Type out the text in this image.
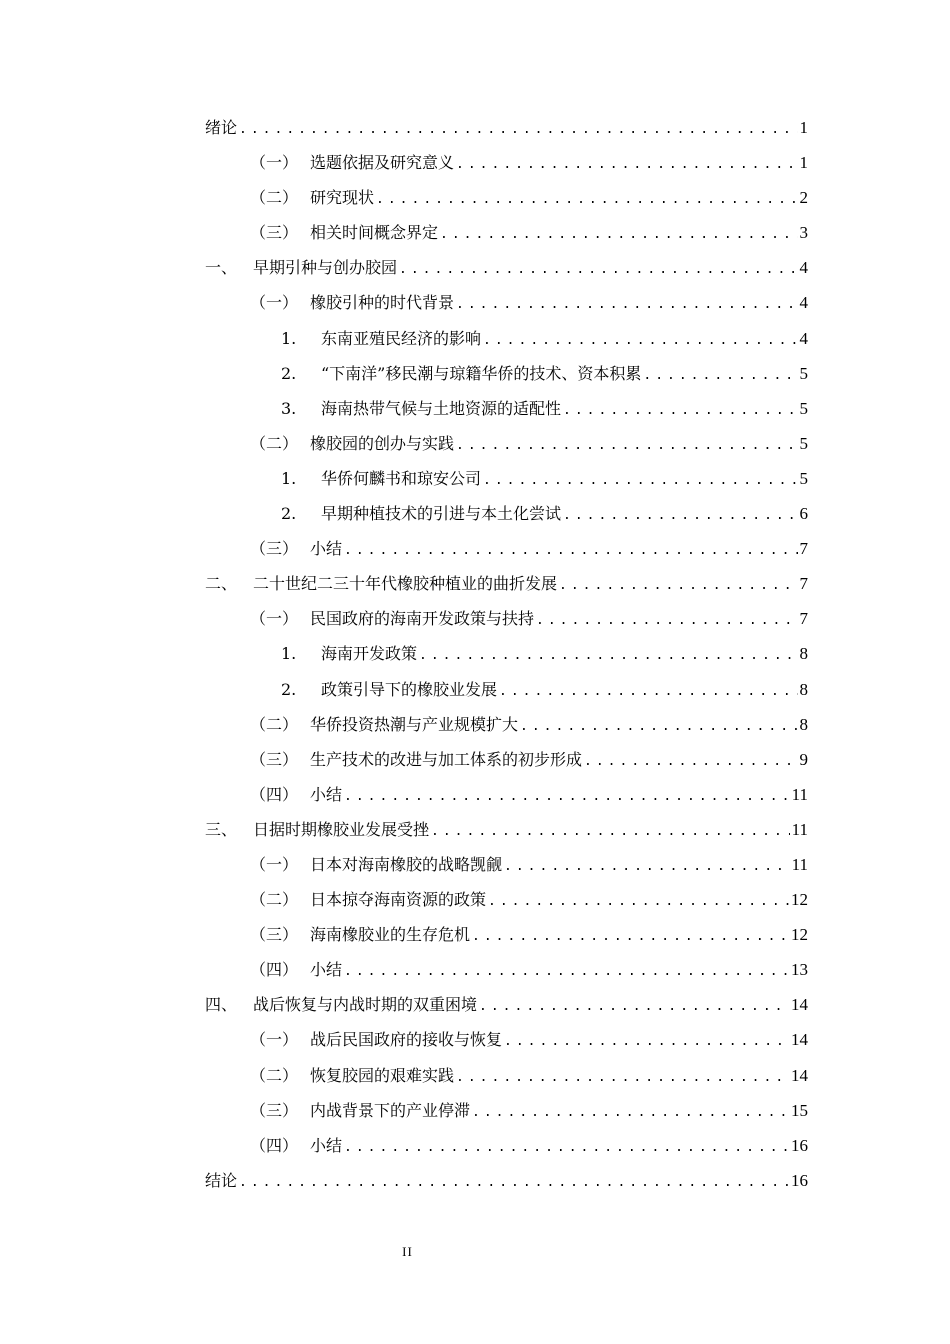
绪论 .....	1
（一） 选题依据及研究意义 .....	1
（二） 研究现状 .....	2
（三） 相关时间概念界定 .....	3
一、 早期引种与创办胶园 .....	4
（一） 橡胶引种的时代背景 .....	4
1.	东南亚殖民经济的影响 .....	4
2.	“下南洋”移民潮与琼籍华侨的技术、资本积累 .....	5
3.	海南热带气候与土地资源的适配性 .....	5
（二） 橡胶园的创办与实践 .....	5
1.	华侨何麟书和琼安公司 .....	5
2.	早期种植技术的引进与本土化尝试 .....	6
（三） 小结 .....	7
二、 二十世纪二三十年代橡胶种植业的曲折发展 .....	7
（一） 民国政府的海南开发政策与扶持 .....	7
1.	海南开发政策 .....	8
2.	政策引导下的橡胶业发展 .....	8
（二） 华侨投资热潮与产业规模扩大 .....	8
（三） 生产技术的改进与加工体系的初步形成 .....	9
（四） 小结 .....	11
三、 日据时期橡胶业发展受挫 .....	11
（一） 日本对海南橡胶的战略觊觎 .....	11
（二） 日本掠夺海南资源的政策 .....	12
（三） 海南橡胶业的生存危机 .....	12
（四） 小结 .....	13
四、 战后恢复与内战时期的双重困境 .....	14
（一） 战后民国政府的接收与恢复 .....	14
（二） 恢复胶园的艰难实践 .....	14
（三） 内战背景下的产业停滞 .....	15
（四） 小结 .....	16
结论 .....	16
II
